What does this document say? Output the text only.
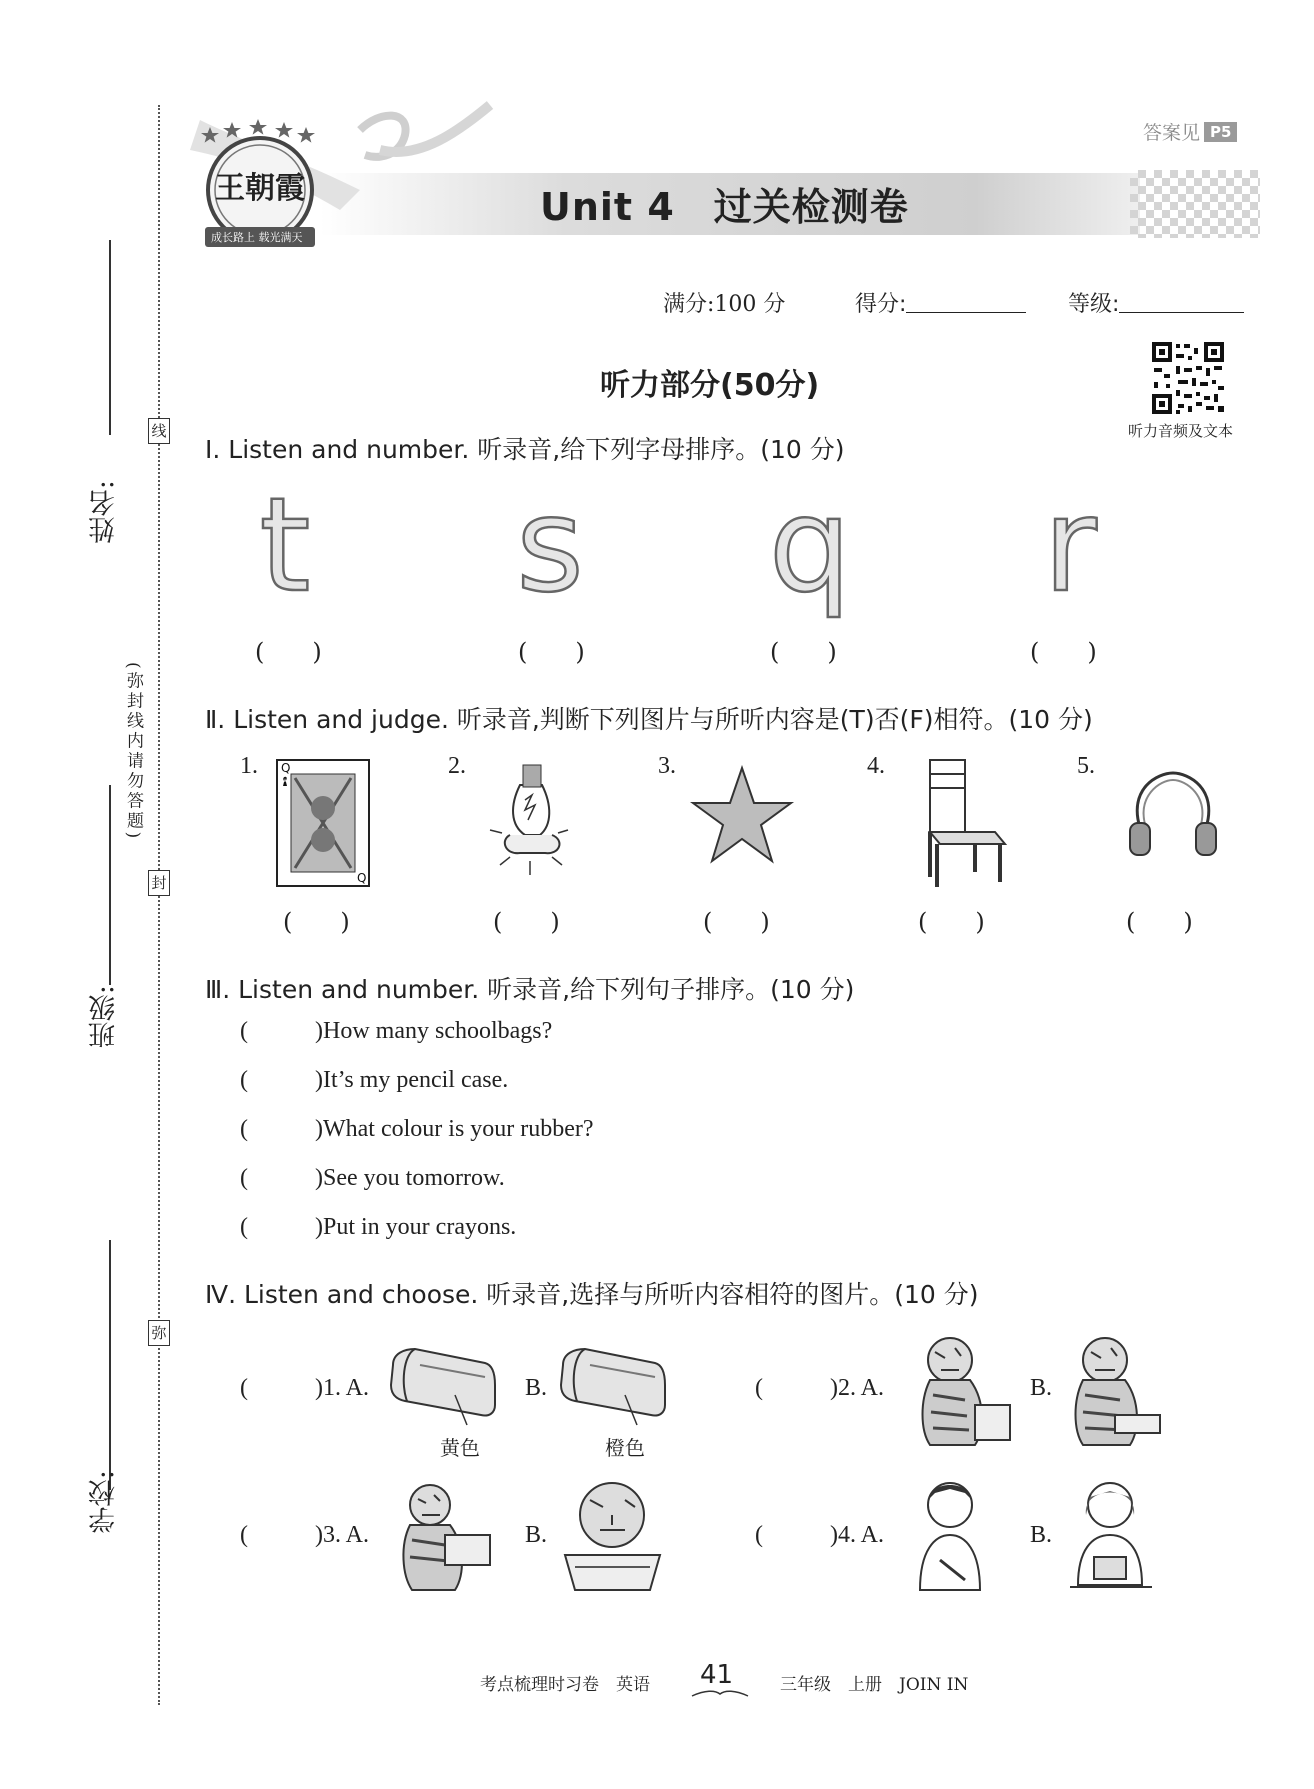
姓名:
班级:
学校:
线
封
弥
(弥封线内请勿答题)
王朝霞
成长路上 载光满天
Unit 4　过关检测卷
答案见 P5
满分:100 分	得分:	等级:
听力音频及文本
听力部分(50分)
Ⅰ. Listen and number. 听录音,给下列字母排序。(10 分)
t s q r
(　　)	(　　)	(　　)	(　　)
Ⅱ. Listen and judge. 听录音,判断下列图片与所听内容是(T)否(F)相符。(10 分)
1.	2.	3.	4.	5.
Q
Q
(　　)	(　　)	(　　)	(　　)	(　　)
Ⅲ. Listen and number. 听录音,给下列句子排序。(10 分)
(	)How many schoolbags?
(	)It’s my pencil case.
(	)What colour is your rubber?
(	)See you tomorrow.
(	)Put in your crayons.
Ⅳ. Listen and choose. 听录音,选择与所听内容相符的图片。(10 分)
(	)1. A.
黄色
B.
橙色
(	)2. A.	B.
(	)3. A.	B.	(	)4. A.	B.
考点梳理时习卷　英语 41	三年级　上册　JOIN IN
